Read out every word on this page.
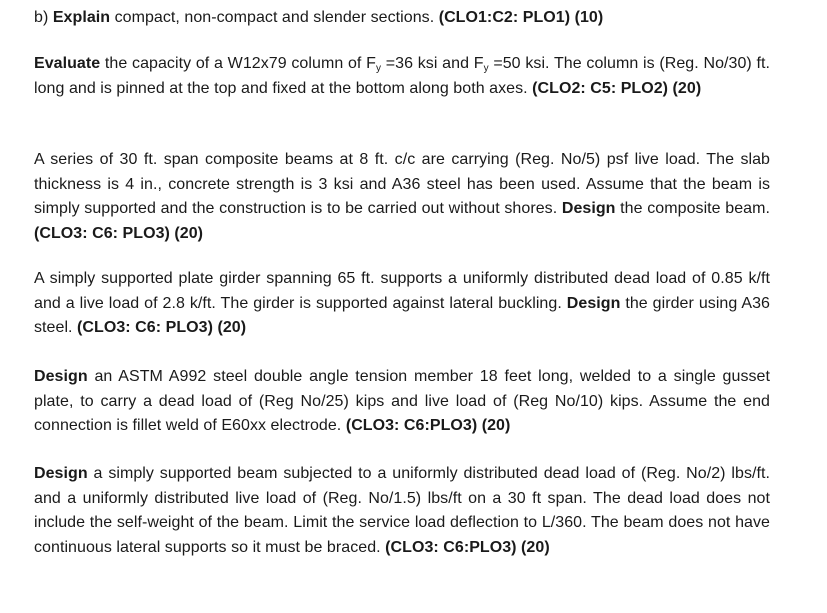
b) Explain compact, non-compact and slender sections. (CLO1:C2: PLO1) (10)

Evaluate the capacity of a W12x79 column of $F_y =36$ ksi and $F_y =50$ ksi. The column is (Reg. No/30) ft. long and is pinned at the top and fixed at the bottom along both axes. (CLO2: C5: PLO2) (20)

A series of 30 ft. span composite beams at 8 ft. c/c are carrying (Reg. No/5) psf live load. The slab thickness is 4 in., concrete strength is 3 ksi and A36 steel has been used. Assume that the beam is simply supported and the construction is to be carried out without shores. Design the composite beam. (CLO3: C6: PLO3) (20)

A simply supported plate girder spanning 65 ft. supports a uniformly distributed dead load of 0.85 k/ft and a live load of 2.8 k/ft. The girder is supported against lateral buckling. Design the girder using A36 steel. (CLO3: C6: PLO3) (20)

Design an ASTM A992 steel double angle tension member 18 feet long, welded to a single gusset plate, to carry a dead load of (Reg No/25) kips and live load of (Reg No/10) kips. Assume the end connection is fillet weld of E60xx electrode. (CLO3: C6:PLO3) (20)

Design a simply supported beam subjected to a uniformly distributed dead load of (Reg. No/2) lbs/ft. and a uniformly distributed live load of (Reg. No/1.5) lbs/ft on a 30 ft span. The dead load does not include the self-weight of the beam. Limit the service load deflection to L/360. The beam does not have continuous lateral supports so it must be braced. (CLO3: C6:PLO3) (20)
